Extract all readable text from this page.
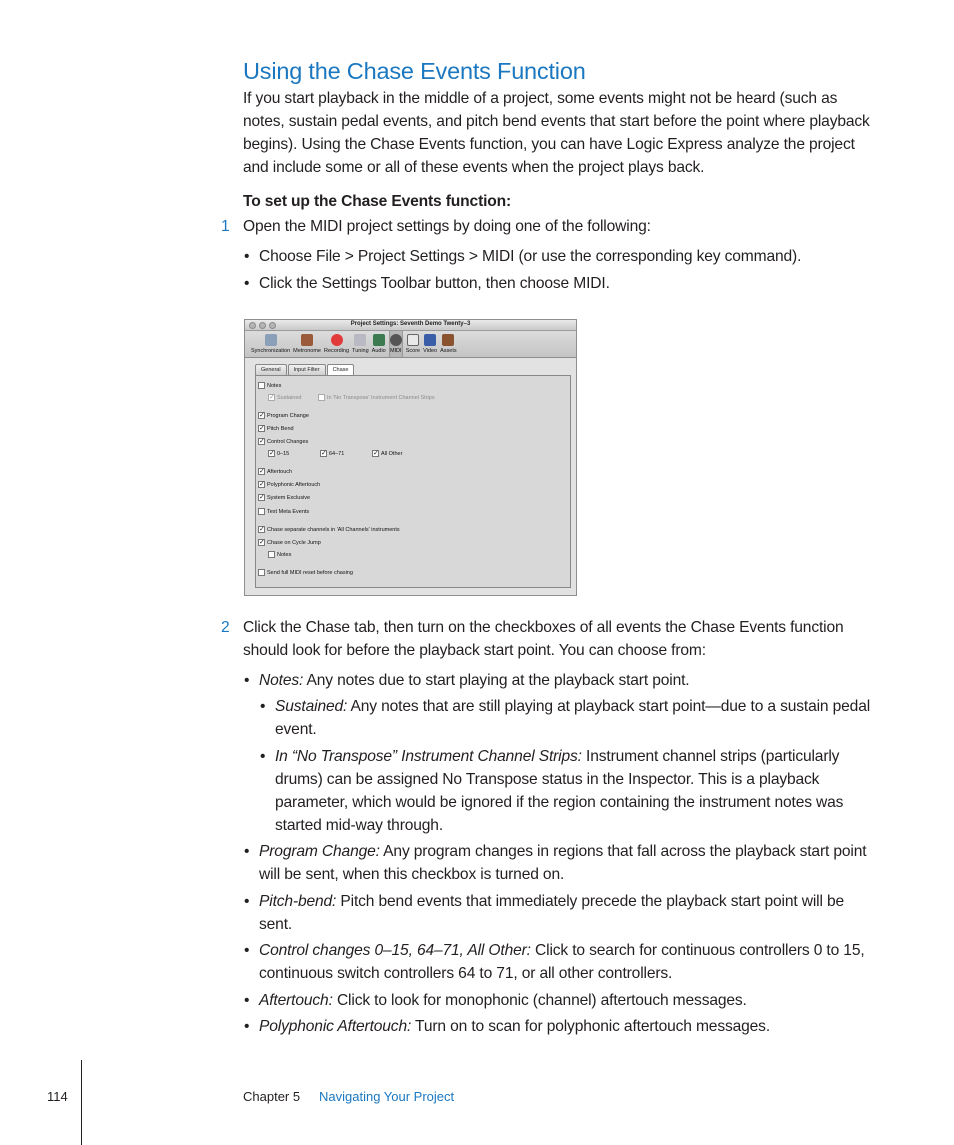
Using the Chase Events Function

If you start playback in the middle of a project, some events might not be heard (such as notes, sustain pedal events, and pitch bend events that start before the point where playback begins). Using the Chase Events function, you can have Logic Express analyze the project and include some or all of these events when the project plays back.

To set up the Chase Events function:
1 Open the MIDI project settings by doing one of the following:
• Choose File > Project Settings > MIDI (or use the corresponding key command).
• Click the Settings Toolbar button, then choose MIDI.
Project Settings: Seventh Demo Twenty–3
Synchronization Metronome Recording Tuning Audio MIDI Score Video Assets
General	Input Filter	Chase
Notes
✓ Sustained	In 'No Transpose' Instrument Channel Strips
✓ Program Change
✓ Pitch Bend
✓ Control Changes
✓ 0–15	✓ 64–71	✓ All Other
✓ Aftertouch
✓ Polyphonic Aftertouch
✓ System Exclusive
Text Meta Events
✓ Chase separate channels in 'All Channels' instruments
✓ Chase on Cycle Jump
Notes
Send full MIDI reset before chasing
2 Click the Chase tab, then turn on the checkboxes of all events the Chase Events function should look for before the playback start point. You can choose from:
• Notes: Any notes due to start playing at the playback start point.
• Sustained: Any notes that are still playing at playback start point—due to a sustain pedal event.
• In “No Transpose” Instrument Channel Strips: Instrument channel strips (particularly drums) can be assigned No Transpose status in the Inspector. This is a playback parameter, which would be ignored if the region containing the instrument notes was started mid-way through.
• Program Change: Any program changes in regions that fall across the playback start point will be sent, when this checkbox is turned on.
• Pitch-bend: Pitch bend events that immediately precede the playback start point will be sent.
• Control changes 0–15, 64–71, All Other: Click to search for continuous controllers 0 to 15, continuous switch controllers 64 to 71, or all other controllers.
• Aftertouch: Click to look for monophonic (channel) aftertouch messages.
• Polyphonic Aftertouch: Turn on to scan for polyphonic aftertouch messages.
114	Chapter 5 Navigating Your Project
